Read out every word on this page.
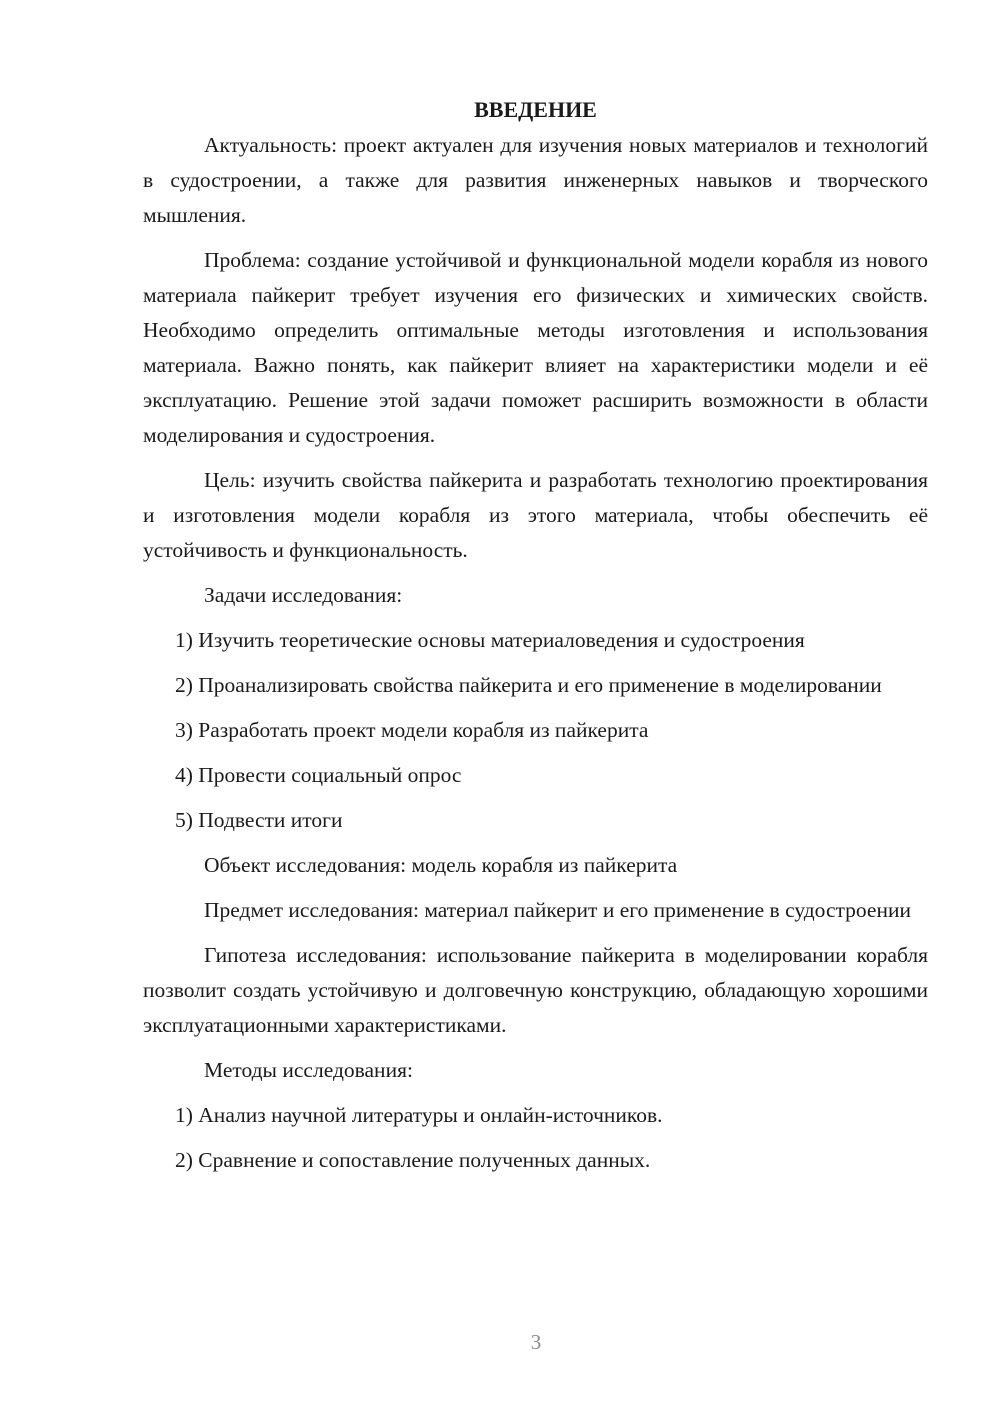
ВВЕДЕНИЕ

Актуальность: проект актуален для изучения новых материалов и технологий в судостроении, а также для развития инженерных навыков и творческого мышления.

Проблема: создание устойчивой и функциональной модели корабля из нового материала пайкерит требует изучения его физических и химических свойств. Необходимо определить оптимальные методы изготовления и использования материала. Важно понять, как пайкерит влияет на характеристики модели и её эксплуатацию. Решение этой задачи поможет расширить возможности в области моделирования и судостроения.

Цель: изучить свойства пайкерита и разработать технологию проектирования и изготовления модели корабля из этого материала, чтобы обеспечить её устойчивость и функциональность.

Задачи исследования:

1) Изучить теоретические основы материаловедения и судостроения

2) Проанализировать свойства пайкерита и его применение в моделировании

3) Разработать проект модели корабля из пайкерита

4) Провести социальный опрос

5) Подвести итоги

Объект исследования: модель корабля из пайкерита

Предмет исследования: материал пайкерит и его применение в судостроении

Гипотеза исследования: использование пайкерита в моделировании корабля позволит создать устойчивую и долговечную конструкцию, обладающую хорошими эксплуатационными характеристиками.

Методы исследования:

1) Анализ научной литературы и онлайн-источников.

2) Сравнение и сопоставление полученных данных.

3
